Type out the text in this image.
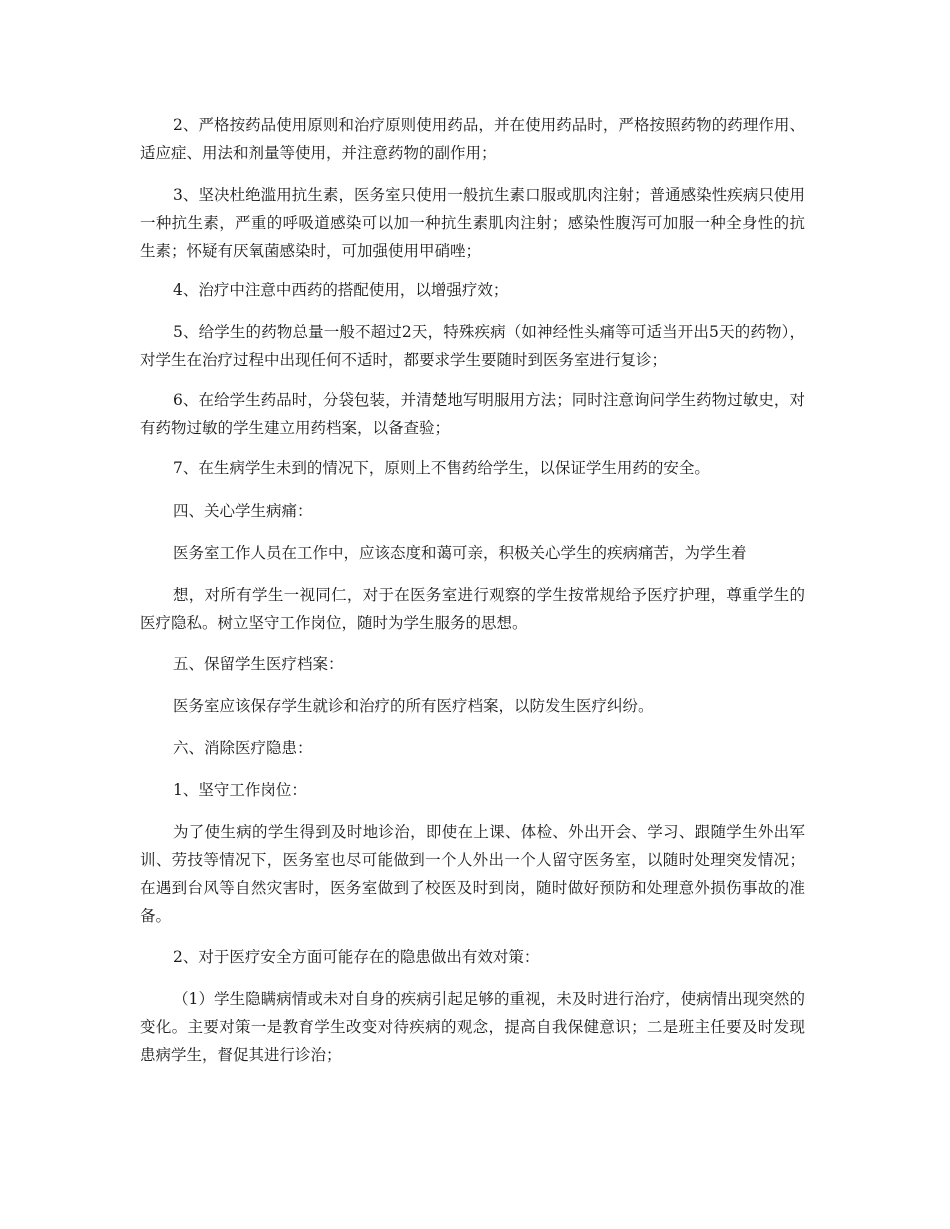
2、严格按药品使用原则和治疗原则使用药品，并在使用药品时，严格按照药物的药理作用、适应症、用法和剂量等使用，并注意药物的副作用；

3、坚决杜绝滥用抗生素，医务室只使用一般抗生素口服或肌肉注射；普通感染性疾病只使用一种抗生素，严重的呼吸道感染可以加一种抗生素肌肉注射；感染性腹泻可加服一种全身性的抗生素；怀疑有厌氧菌感染时，可加强使用甲硝唑；

4、治疗中注意中西药的搭配使用，以增强疗效；

5、给学生的药物总量一般不超过2天，特殊疾病（如神经性头痛等可适当开出5天的药物），对学生在治疗过程中出现任何不适时，都要求学生要随时到医务室进行复诊；

6、在给学生药品时，分袋包装，并清楚地写明服用方法；同时注意询问学生药物过敏史，对有药物过敏的学生建立用药档案，以备查验；

7、在生病学生未到的情况下，原则上不售药给学生，以保证学生用药的安全。

四、关心学生病痛：

医务室工作人员在工作中，应该态度和蔼可亲，积极关心学生的疾病痛苦，为学生着

想，对所有学生一视同仁，对于在医务室进行观察的学生按常规给予医疗护理，尊重学生的医疗隐私。树立坚守工作岗位，随时为学生服务的思想。

五、保留学生医疗档案：

医务室应该保存学生就诊和治疗的所有医疗档案，以防发生医疗纠纷。

六、消除医疗隐患：

1、坚守工作岗位：

为了使生病的学生得到及时地诊治，即使在上课、体检、外出开会、学习、跟随学生外出军训、劳技等情况下，医务室也尽可能做到一个人外出一个人留守医务室，以随时处理突发情况；在遇到台风等自然灾害时，医务室做到了校医及时到岗，随时做好预防和处理意外损伤事故的准备。

2、对于医疗安全方面可能存在的隐患做出有效对策：

（1）学生隐瞒病情或未对自身的疾病引起足够的重视，未及时进行治疗，使病情出现突然的变化。主要对策一是教育学生改变对待疾病的观念，提高自我保健意识；二是班主任要及时发现患病学生，督促其进行诊治；
